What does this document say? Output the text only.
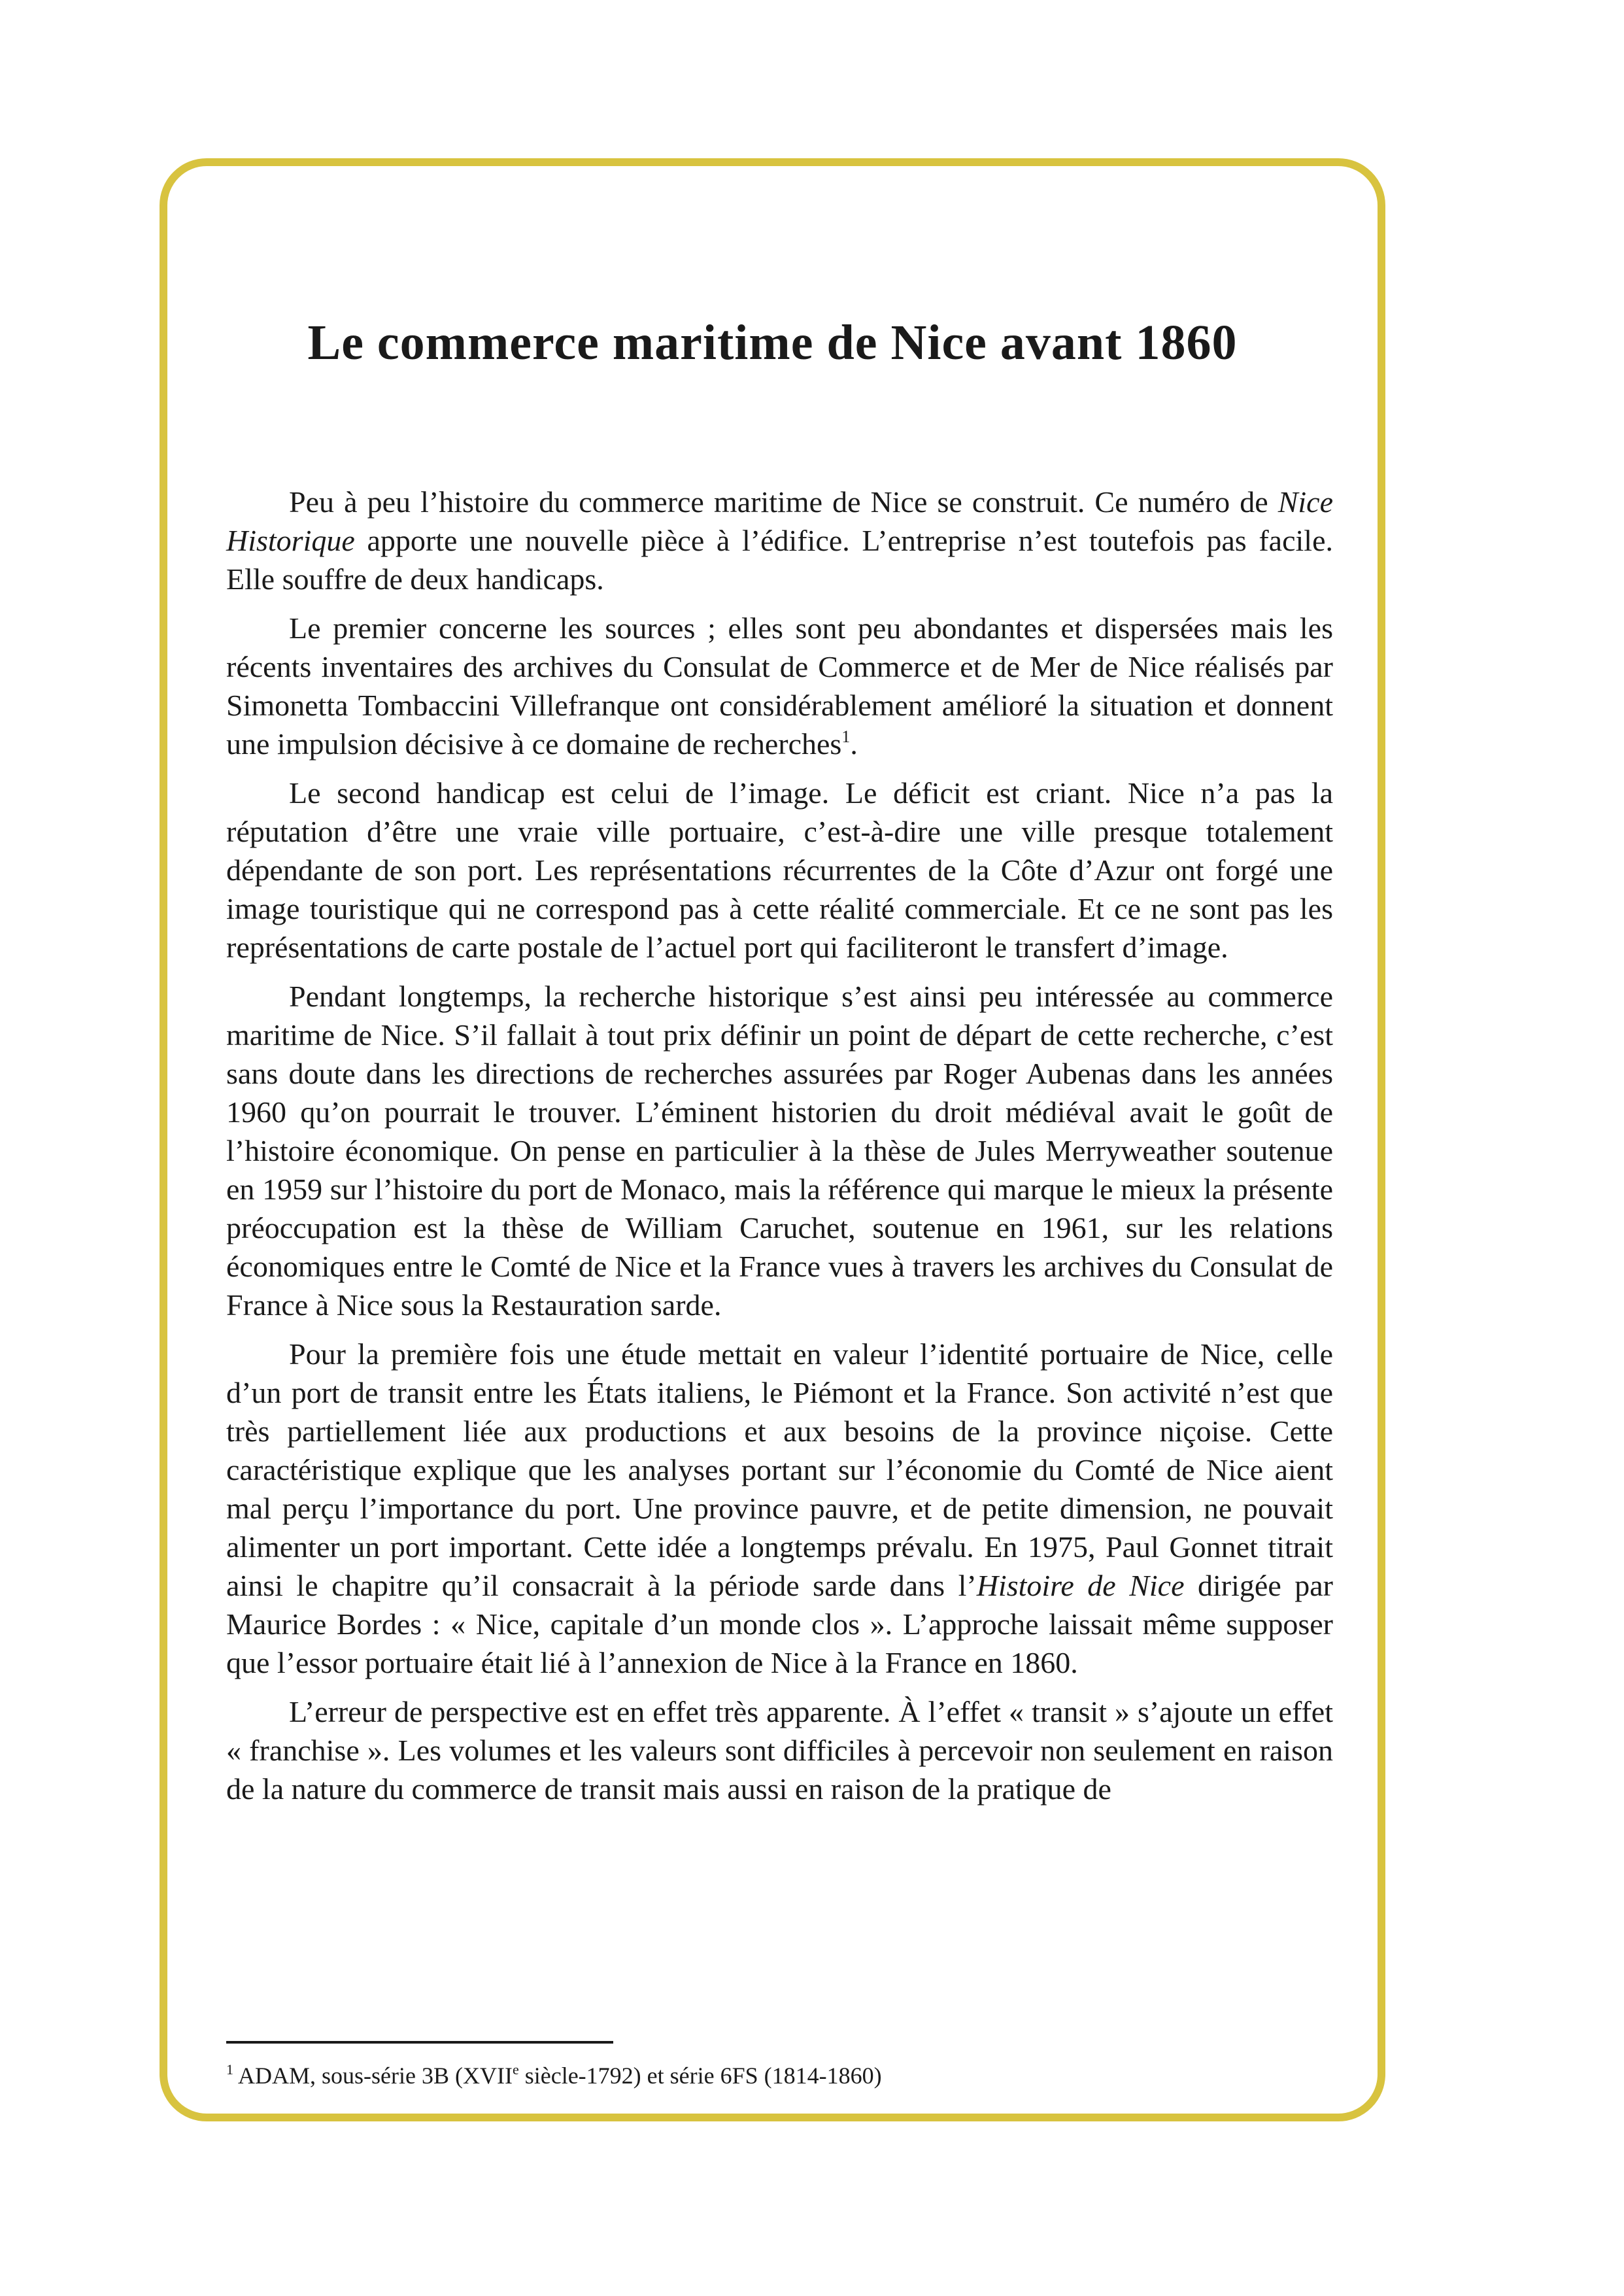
Le commerce maritime de Nice avant 1860

Peu à peu l’histoire du commerce maritime de Nice se construit. Ce numéro de Nice Historique apporte une nouvelle pièce à l’édifice. L’entreprise n’est toutefois pas facile. Elle souffre de deux handicaps.

Le premier concerne les sources ; elles sont peu abondantes et dispersées mais les récents inventaires des archives du Consulat de Commerce et de Mer de Nice réalisés par Simonetta Tombaccini Villefranque ont considérablement amélioré la situation et donnent une impulsion décisive à ce domaine de recherches$^1$.

Le second handicap est celui de l’image. Le déficit est criant. Nice n’a pas la réputation d’être une vraie ville portuaire, c’est-à-dire une ville presque totalement dépendante de son port. Les représentations récurrentes de la Côte d’Azur ont forgé une image touristique qui ne correspond pas à cette réalité commerciale. Et ce ne sont pas les représentations de carte postale de l’actuel port qui faciliteront le transfert d’image.

Pendant longtemps, la recherche historique s’est ainsi peu intéressée au commerce maritime de Nice. S’il fallait à tout prix définir un point de départ de cette recherche, c’est sans doute dans les directions de recherches assurées par Roger Aubenas dans les années 1960 qu’on pourrait le trouver. L’éminent historien du droit médiéval avait le goût de l’histoire économique. On pense en particulier à la thèse de Jules Merryweather soutenue en 1959 sur l’histoire du port de Monaco, mais la référence qui marque le mieux la présente préoccupation est la thèse de William Caruchet, soutenue en 1961, sur les relations économiques entre le Comté de Nice et la France vues à travers les archives du Consulat de France à Nice sous la Restauration sarde.

Pour la première fois une étude mettait en valeur l’identité portuaire de Nice, celle d’un port de transit entre les États italiens, le Piémont et la France. Son activité n’est que très partiellement liée aux productions et aux besoins de la province niçoise. Cette caractéristique explique que les analyses portant sur l’économie du Comté de Nice aient mal perçu l’importance du port. Une province pauvre, et de petite dimension, ne pouvait alimenter un port important. Cette idée a longtemps prévalu. En 1975, Paul Gonnet titrait ainsi le chapitre qu’il consacrait à la période sarde dans l’Histoire de Nice dirigée par Maurice Bordes : « Nice, capitale d’un monde clos ». L’approche laissait même supposer que l’essor portuaire était lié à l’annexion de Nice à la France en 1860.

L’erreur de perspective est en effet très apparente. À l’effet « transit » s’ajoute un effet « franchise ». Les volumes et les valeurs sont difficiles à percevoir non seulement en raison de la nature du commerce de transit mais aussi en raison de la pratique de

$^1$ ADAM, sous-série 3B (XVIIe siècle-1792) et série 6FS (1814-1860)
